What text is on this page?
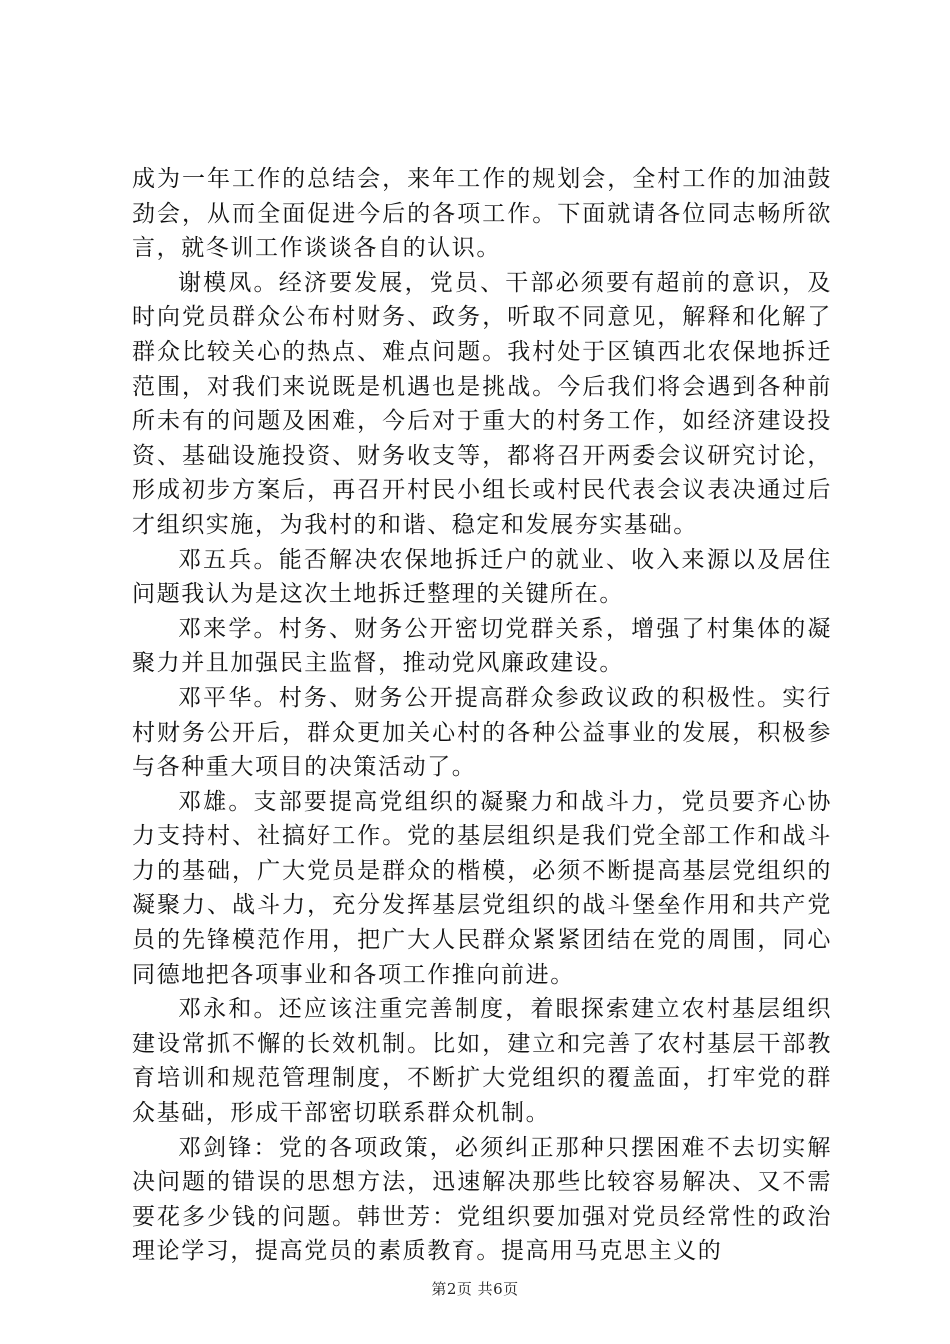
成为一年工作的总结会，来年工作的规划会，全村工作的加油鼓劲会，从而全面促进今后的各项工作。下面就请各位同志畅所欲言，就冬训工作谈谈各自的认识。

谢模凤。经济要发展，党员、干部必须要有超前的意识，及时向党员群众公布村财务、政务，听取不同意见，解释和化解了群众比较关心的热点、难点问题。我村处于区镇西北农保地拆迁范围，对我们来说既是机遇也是挑战。今后我们将会遇到各种前所未有的问题及困难，今后对于重大的村务工作，如经济建设投资、基础设施投资、财务收支等，都将召开两委会议研究讨论，形成初步方案后，再召开村民小组长或村民代表会议表决通过后才组织实施，为我村的和谐、稳定和发展夯实基础。

邓五兵。能否解决农保地拆迁户的就业、收入来源以及居住问题我认为是这次土地拆迁整理的关键所在。

邓来学。村务、财务公开密切党群关系，增强了村集体的凝聚力并且加强民主监督，推动党风廉政建设。

邓平华。村务、财务公开提高群众参政议政的积极性。实行村财务公开后，群众更加关心村的各种公益事业的发展，积极参与各种重大项目的决策活动了。

邓雄。支部要提高党组织的凝聚力和战斗力，党员要齐心协力支持村、社搞好工作。党的基层组织是我们党全部工作和战斗力的基础，广大党员是群众的楷模，必须不断提高基层党组织的凝聚力、战斗力，充分发挥基层党组织的战斗堡垒作用和共产党员的先锋模范作用，把广大人民群众紧紧团结在党的周围，同心同德地把各项事业和各项工作推向前进。

邓永和。还应该注重完善制度，着眼探索建立农村基层组织建设常抓不懈的长效机制。比如，建立和完善了农村基层干部教育培训和规范管理制度，不断扩大党组织的覆盖面，打牢党的群众基础，形成干部密切联系群众机制。

邓剑锋：党的各项政策，必须纠正那种只摆困难不去切实解决问题的错误的思想方法，迅速解决那些比较容易解决、又不需要花多少钱的问题。韩世芳：党组织要加强对党员经常性的政治理论学习，提高党员的素质教育。提高用马克思主义的

第2页 共6页
